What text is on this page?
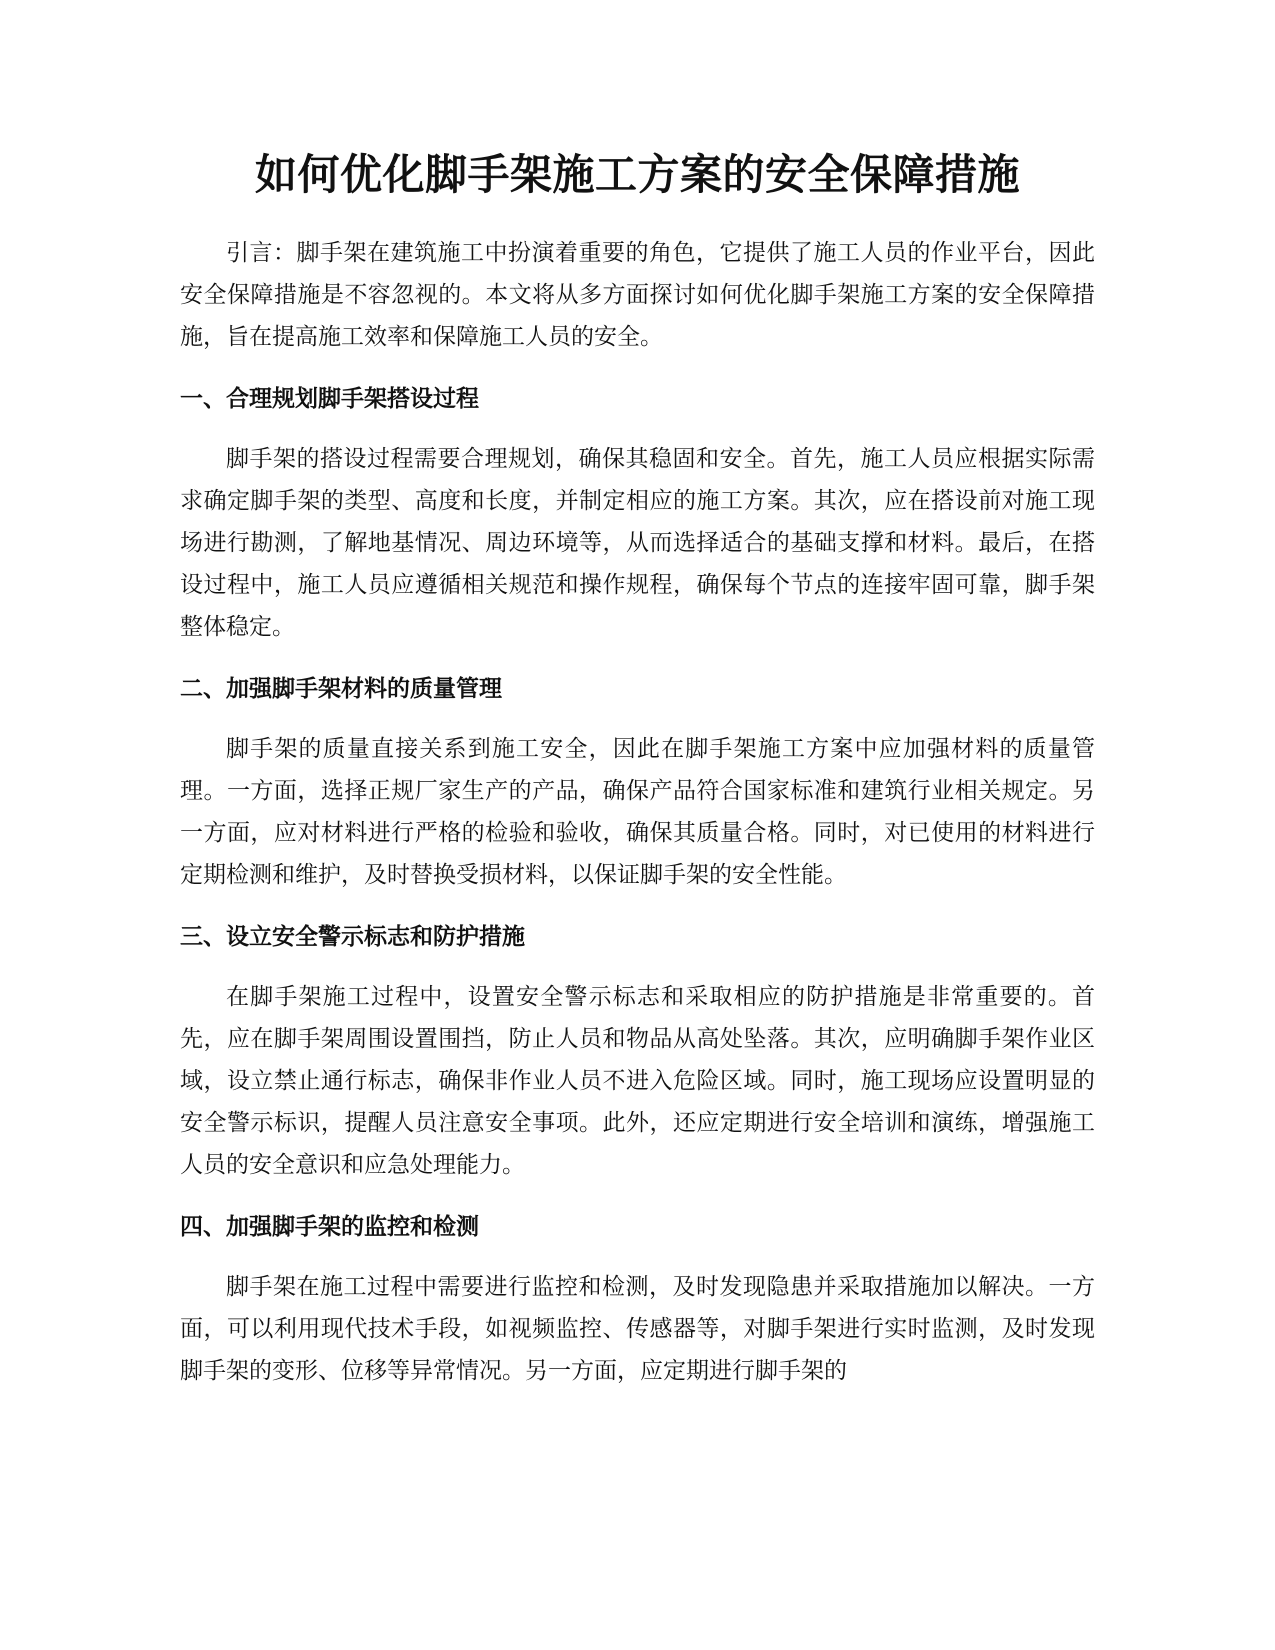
如何优化脚手架施工方案的安全保障措施

引言：脚手架在建筑施工中扮演着重要的角色，它提供了施工人员的作业平台，因此安全保障措施是不容忽视的。本文将从多方面探讨如何优化脚手架施工方案的安全保障措施，旨在提高施工效率和保障施工人员的安全。

一、合理规划脚手架搭设过程

脚手架的搭设过程需要合理规划，确保其稳固和安全。首先，施工人员应根据实际需求确定脚手架的类型、高度和长度，并制定相应的施工方案。其次，应在搭设前对施工现场进行勘测，了解地基情况、周边环境等，从而选择适合的基础支撑和材料。最后，在搭设过程中，施工人员应遵循相关规范和操作规程，确保每个节点的连接牢固可靠，脚手架整体稳定。

二、加强脚手架材料的质量管理

脚手架的质量直接关系到施工安全，因此在脚手架施工方案中应加强材料的质量管理。一方面，选择正规厂家生产的产品，确保产品符合国家标准和建筑行业相关规定。另一方面，应对材料进行严格的检验和验收，确保其质量合格。同时，对已使用的材料进行定期检测和维护，及时替换受损材料，以保证脚手架的安全性能。

三、设立安全警示标志和防护措施

在脚手架施工过程中，设置安全警示标志和采取相应的防护措施是非常重要的。首先，应在脚手架周围设置围挡，防止人员和物品从高处坠落。其次，应明确脚手架作业区域，设立禁止通行标志，确保非作业人员不进入危险区域。同时，施工现场应设置明显的安全警示标识，提醒人员注意安全事项。此外，还应定期进行安全培训和演练，增强施工人员的安全意识和应急处理能力。

四、加强脚手架的监控和检测

脚手架在施工过程中需要进行监控和检测，及时发现隐患并采取措施加以解决。一方面，可以利用现代技术手段，如视频监控、传感器等，对脚手架进行实时监测，及时发现脚手架的变形、位移等异常情况。另一方面，应定期进行脚手架的
